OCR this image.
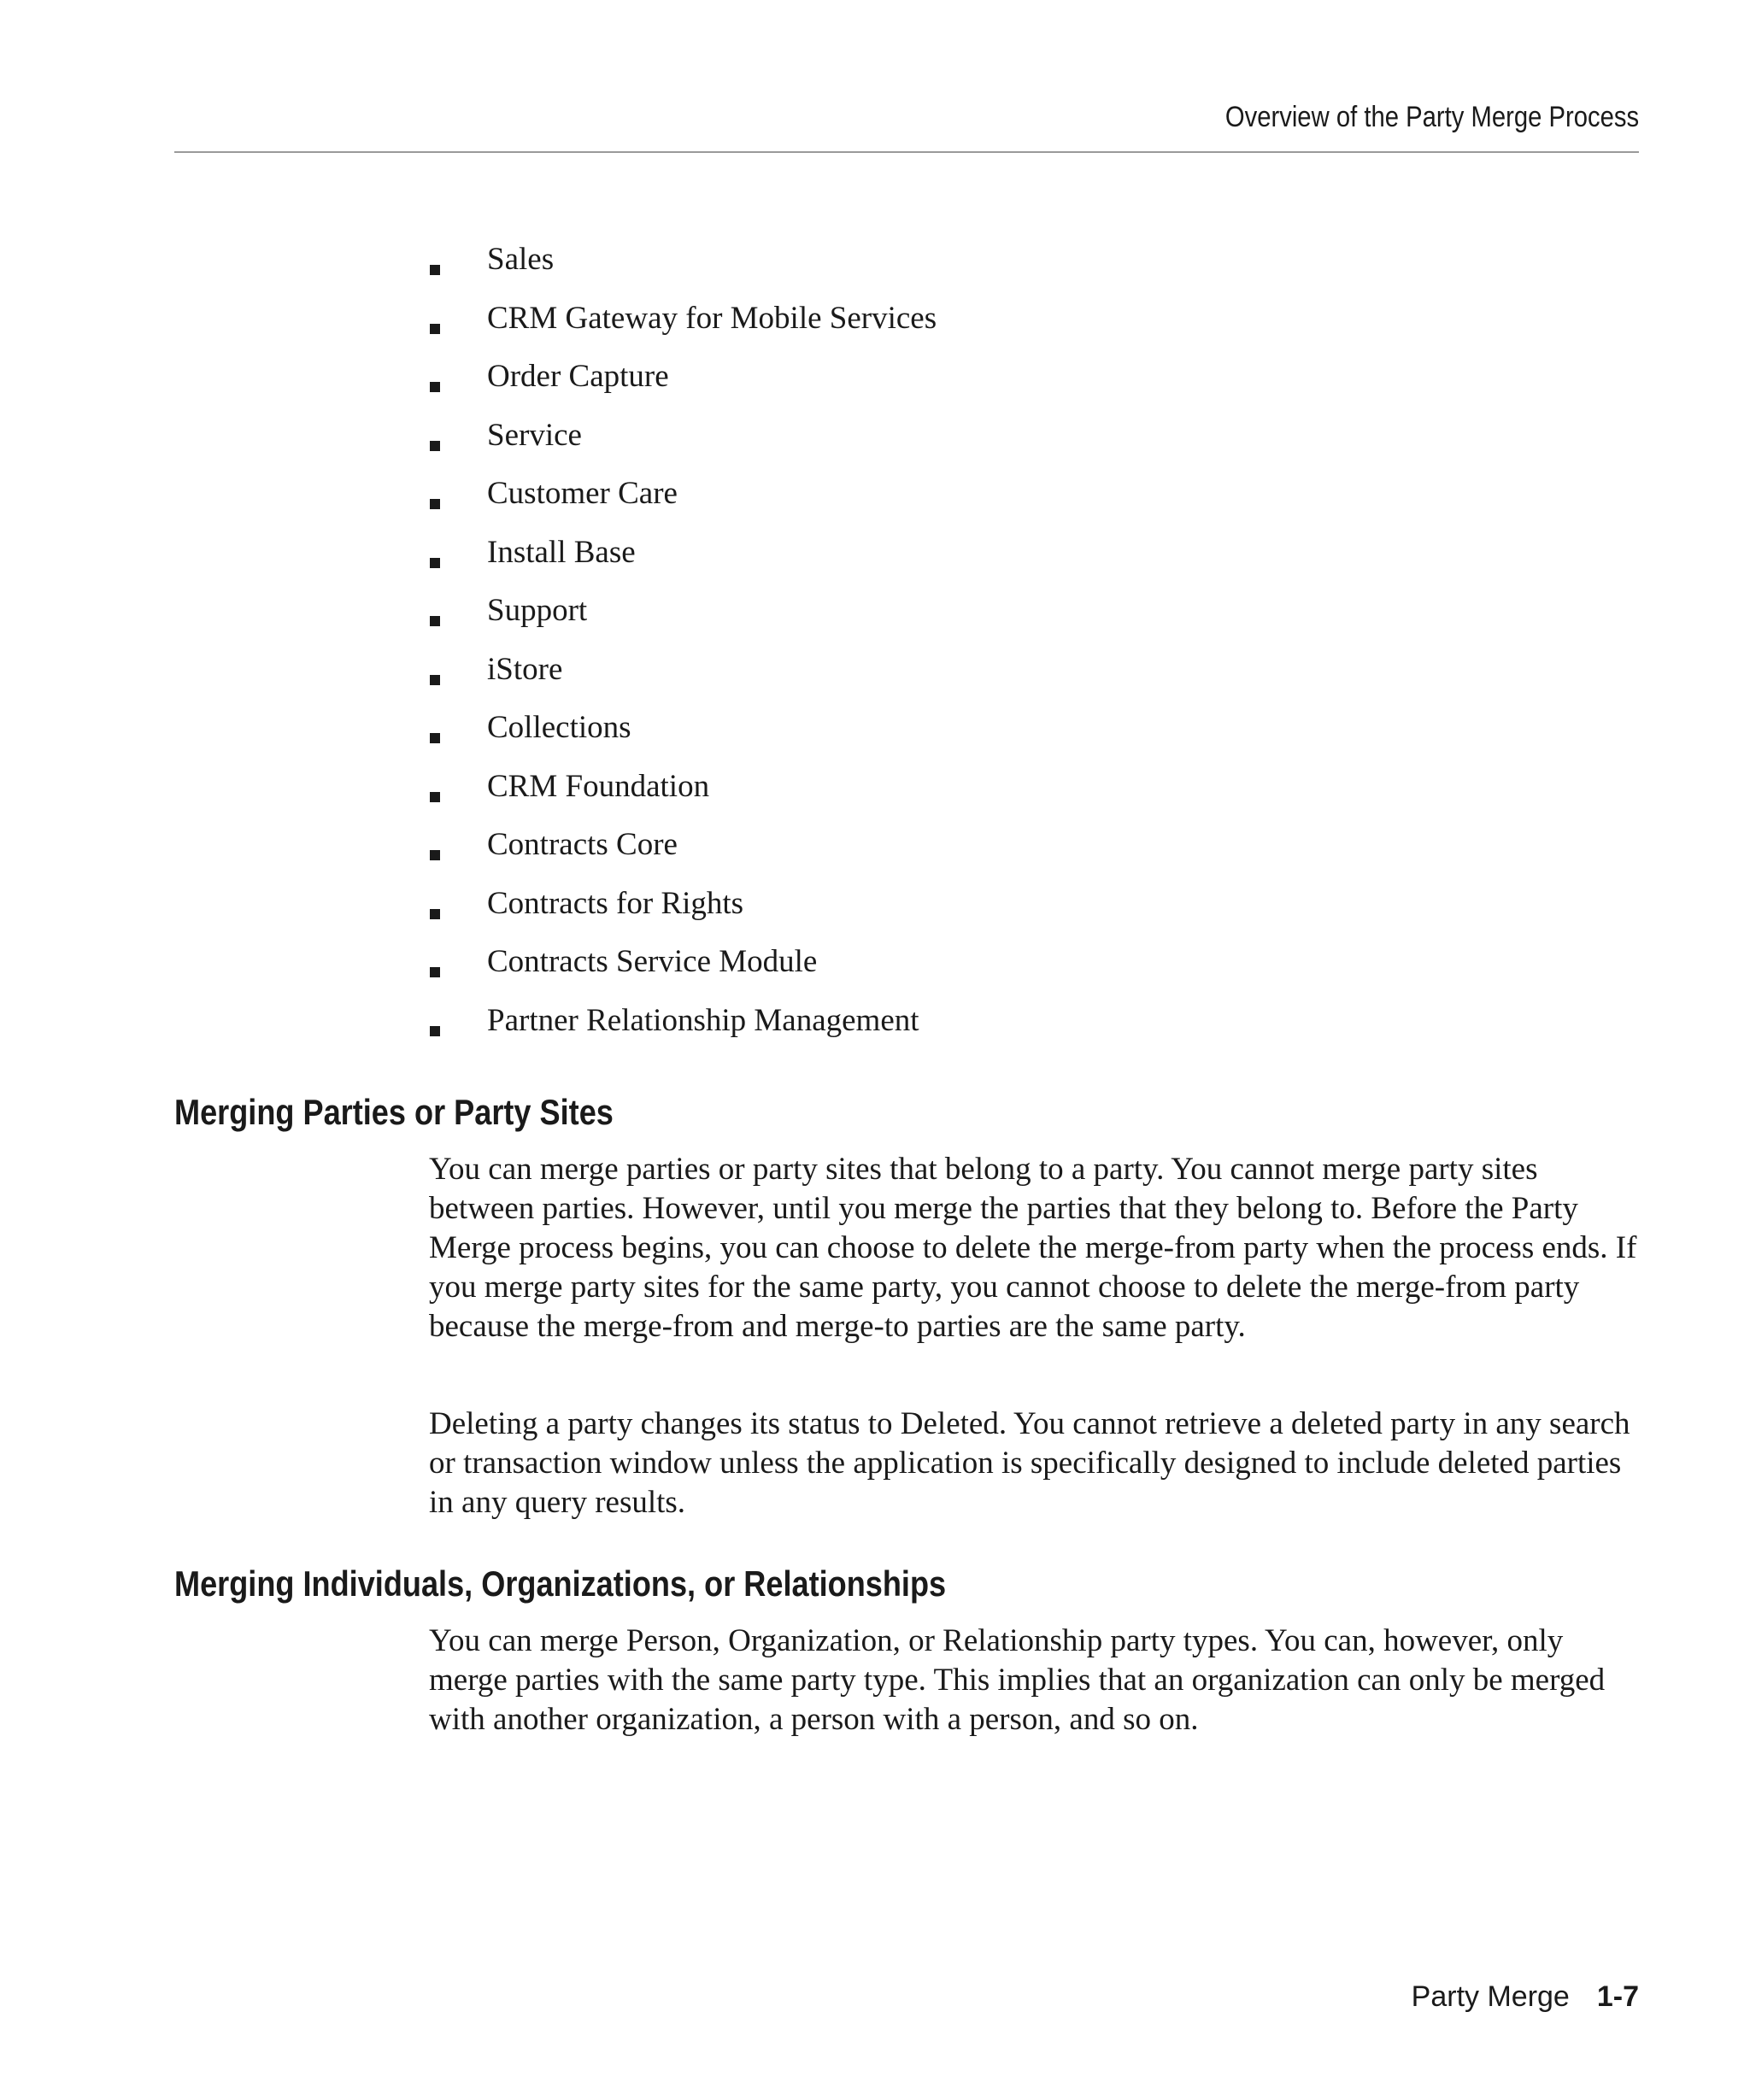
Overview of the Party Merge Process
Sales
CRM Gateway for Mobile Services
Order Capture
Service
Customer Care
Install Base
Support
iStore
Collections
CRM Foundation
Contracts Core
Contracts for Rights
Contracts Service Module
Partner Relationship Management
Merging Parties or Party Sites

You can merge parties or party sites that belong to a party. You cannot merge party sites between parties. However, until you merge the parties that they belong to. Before the Party Merge process begins, you can choose to delete the merge-from party when the process ends. If you merge party sites for the same party, you cannot choose to delete the merge-from party because the merge-from and merge-to parties are the same party.

Deleting a party changes its status to Deleted. You cannot retrieve a deleted party in any search or transaction window unless the application is specifically designed to include deleted parties in any query results.

Merging Individuals, Organizations, or Relationships

You can merge Person, Organization, or Relationship party types. You can, however, only merge parties with the same party type. This implies that an organization can only be merged with another organization, a person with a person, and so on.

Party Merge 1-7
